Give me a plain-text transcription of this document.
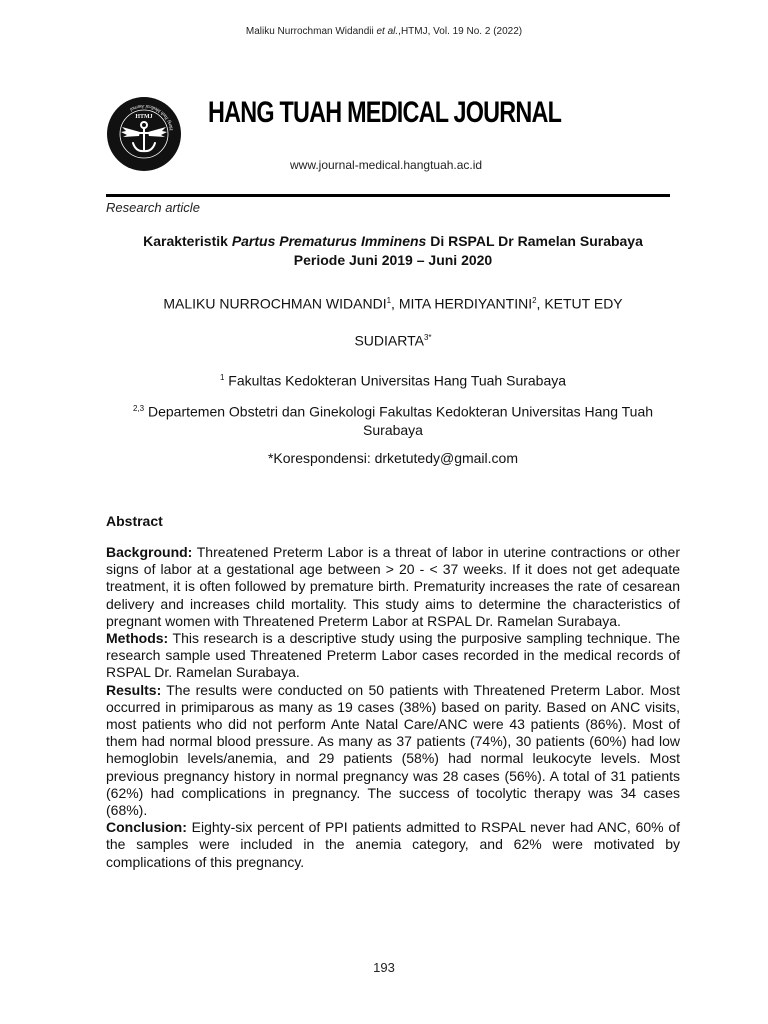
Maliku Nurrochman Widandii et al.,HTMJ, Vol. 19 No. 2 (2022)
HTMJ
Hang Tuah Medical Journal	HANG TUAH MEDICAL JOURNAL
www.journal-medical.hangtuah.ac.id
Research article
Karakteristik Partus Prematurus Imminens Di RSPAL Dr Ramelan Surabaya
Periode Juni 2019 – Juni 2020
MALIKU NURROCHMAN WIDANDI$^1$, MITA HERDIYANTINI$^2$, KETUT EDY
$SUDIARTA^{3*}$
$^1$ Fakultas Kedokteran Universitas Hang Tuah Surabaya
$^{2,3}$ Departemen Obstetri dan Ginekologi Fakultas Kedokteran Universitas Hang Tuah Surabaya
*Korespondensi: drketutedy@gmail.com
Abstract

Background: Threatened Preterm Labor is a threat of labor in uterine contractions or other signs of labor at a gestational age between > 20 - < 37 weeks. If it does not get adequate treatment, it is often followed by premature birth. Prematurity increases the rate of cesarean delivery and increases child mortality. This study aims to determine the characteristics of pregnant women with Threatened Preterm Labor at RSPAL Dr. Ramelan Surabaya.

Methods: This research is a descriptive study using the purposive sampling technique. The research sample used Threatened Preterm Labor cases recorded in the medical records of RSPAL Dr. Ramelan Surabaya.

Results: The results were conducted on 50 patients with Threatened Preterm Labor. Most occurred in primiparous as many as 19 cases (38%) based on parity. Based on ANC visits, most patients who did not perform Ante Natal Care/ANC were 43 patients (86%). Most of them had normal blood pressure. As many as 37 patients (74%), 30 patients (60%) had low hemoglobin levels/anemia, and 29 patients (58%) had normal leukocyte levels. Most previous pregnancy history in normal pregnancy was 28 cases (56%). A total of 31 patients (62%) had complications in pregnancy. The success of tocolytic therapy was 34 cases (68%).

Conclusion: Eighty-six percent of PPI patients admitted to RSPAL never had ANC, 60% of the samples were included in the anemia category, and 62% were motivated by complications of this pregnancy.

193
